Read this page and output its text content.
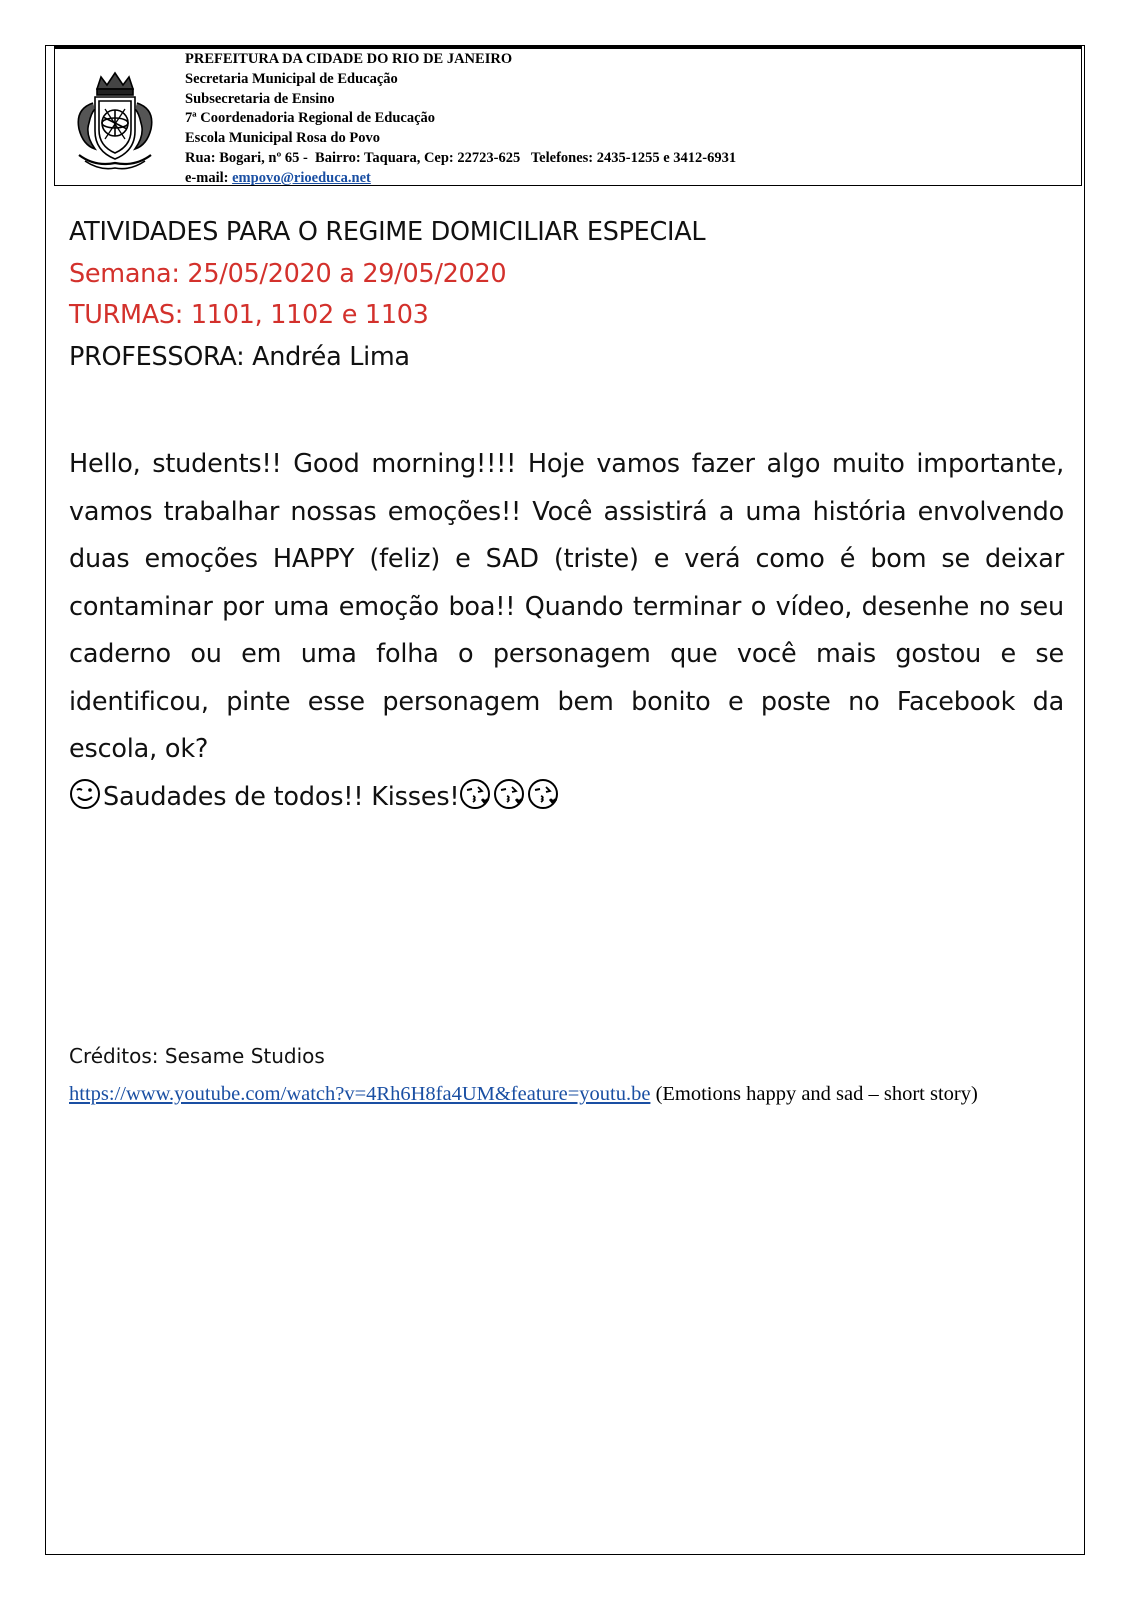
PREFEITURA DA CIDADE DO RIO DE JANEIRO
Secretaria Municipal de Educação
Subsecretaria de Ensino
7ª Coordenadoria Regional de Educação
Escola Municipal Rosa do Povo
Rua: Bogari, nº 65 -  Bairro: Taquara, Cep: 22723-625   Telefones: 2435-1255 e 3412-6931
e-mail: empovo@rioeduca.net
ATIVIDADES PARA O REGIME DOMICILIAR ESPECIAL
Semana: 25/05/2020 a 29/05/2020
TURMAS: 1101, 1102 e 1103
PROFESSORA: Andréa Lima
Hello, students!! Good morning!!!! Hoje vamos fazer algo muito importante, vamos trabalhar nossas emoções!! Você assistirá a uma história envolvendo duas emoções HAPPY (feliz) e SAD (triste) e verá como é bom se deixar contaminar por uma emoção boa!! Quando terminar o vídeo, desenhe no seu caderno ou em uma folha o personagem que você mais gostou e se identificou, pinte esse personagem bem bonito e poste no Facebook da escola, ok?
Saudades de todos!! Kisses!
Créditos: Sesame Studios
https://www.youtube.com/watch?v=4Rh6H8fa4UM&feature=youtu.be (Emotions happy and sad – short story)
